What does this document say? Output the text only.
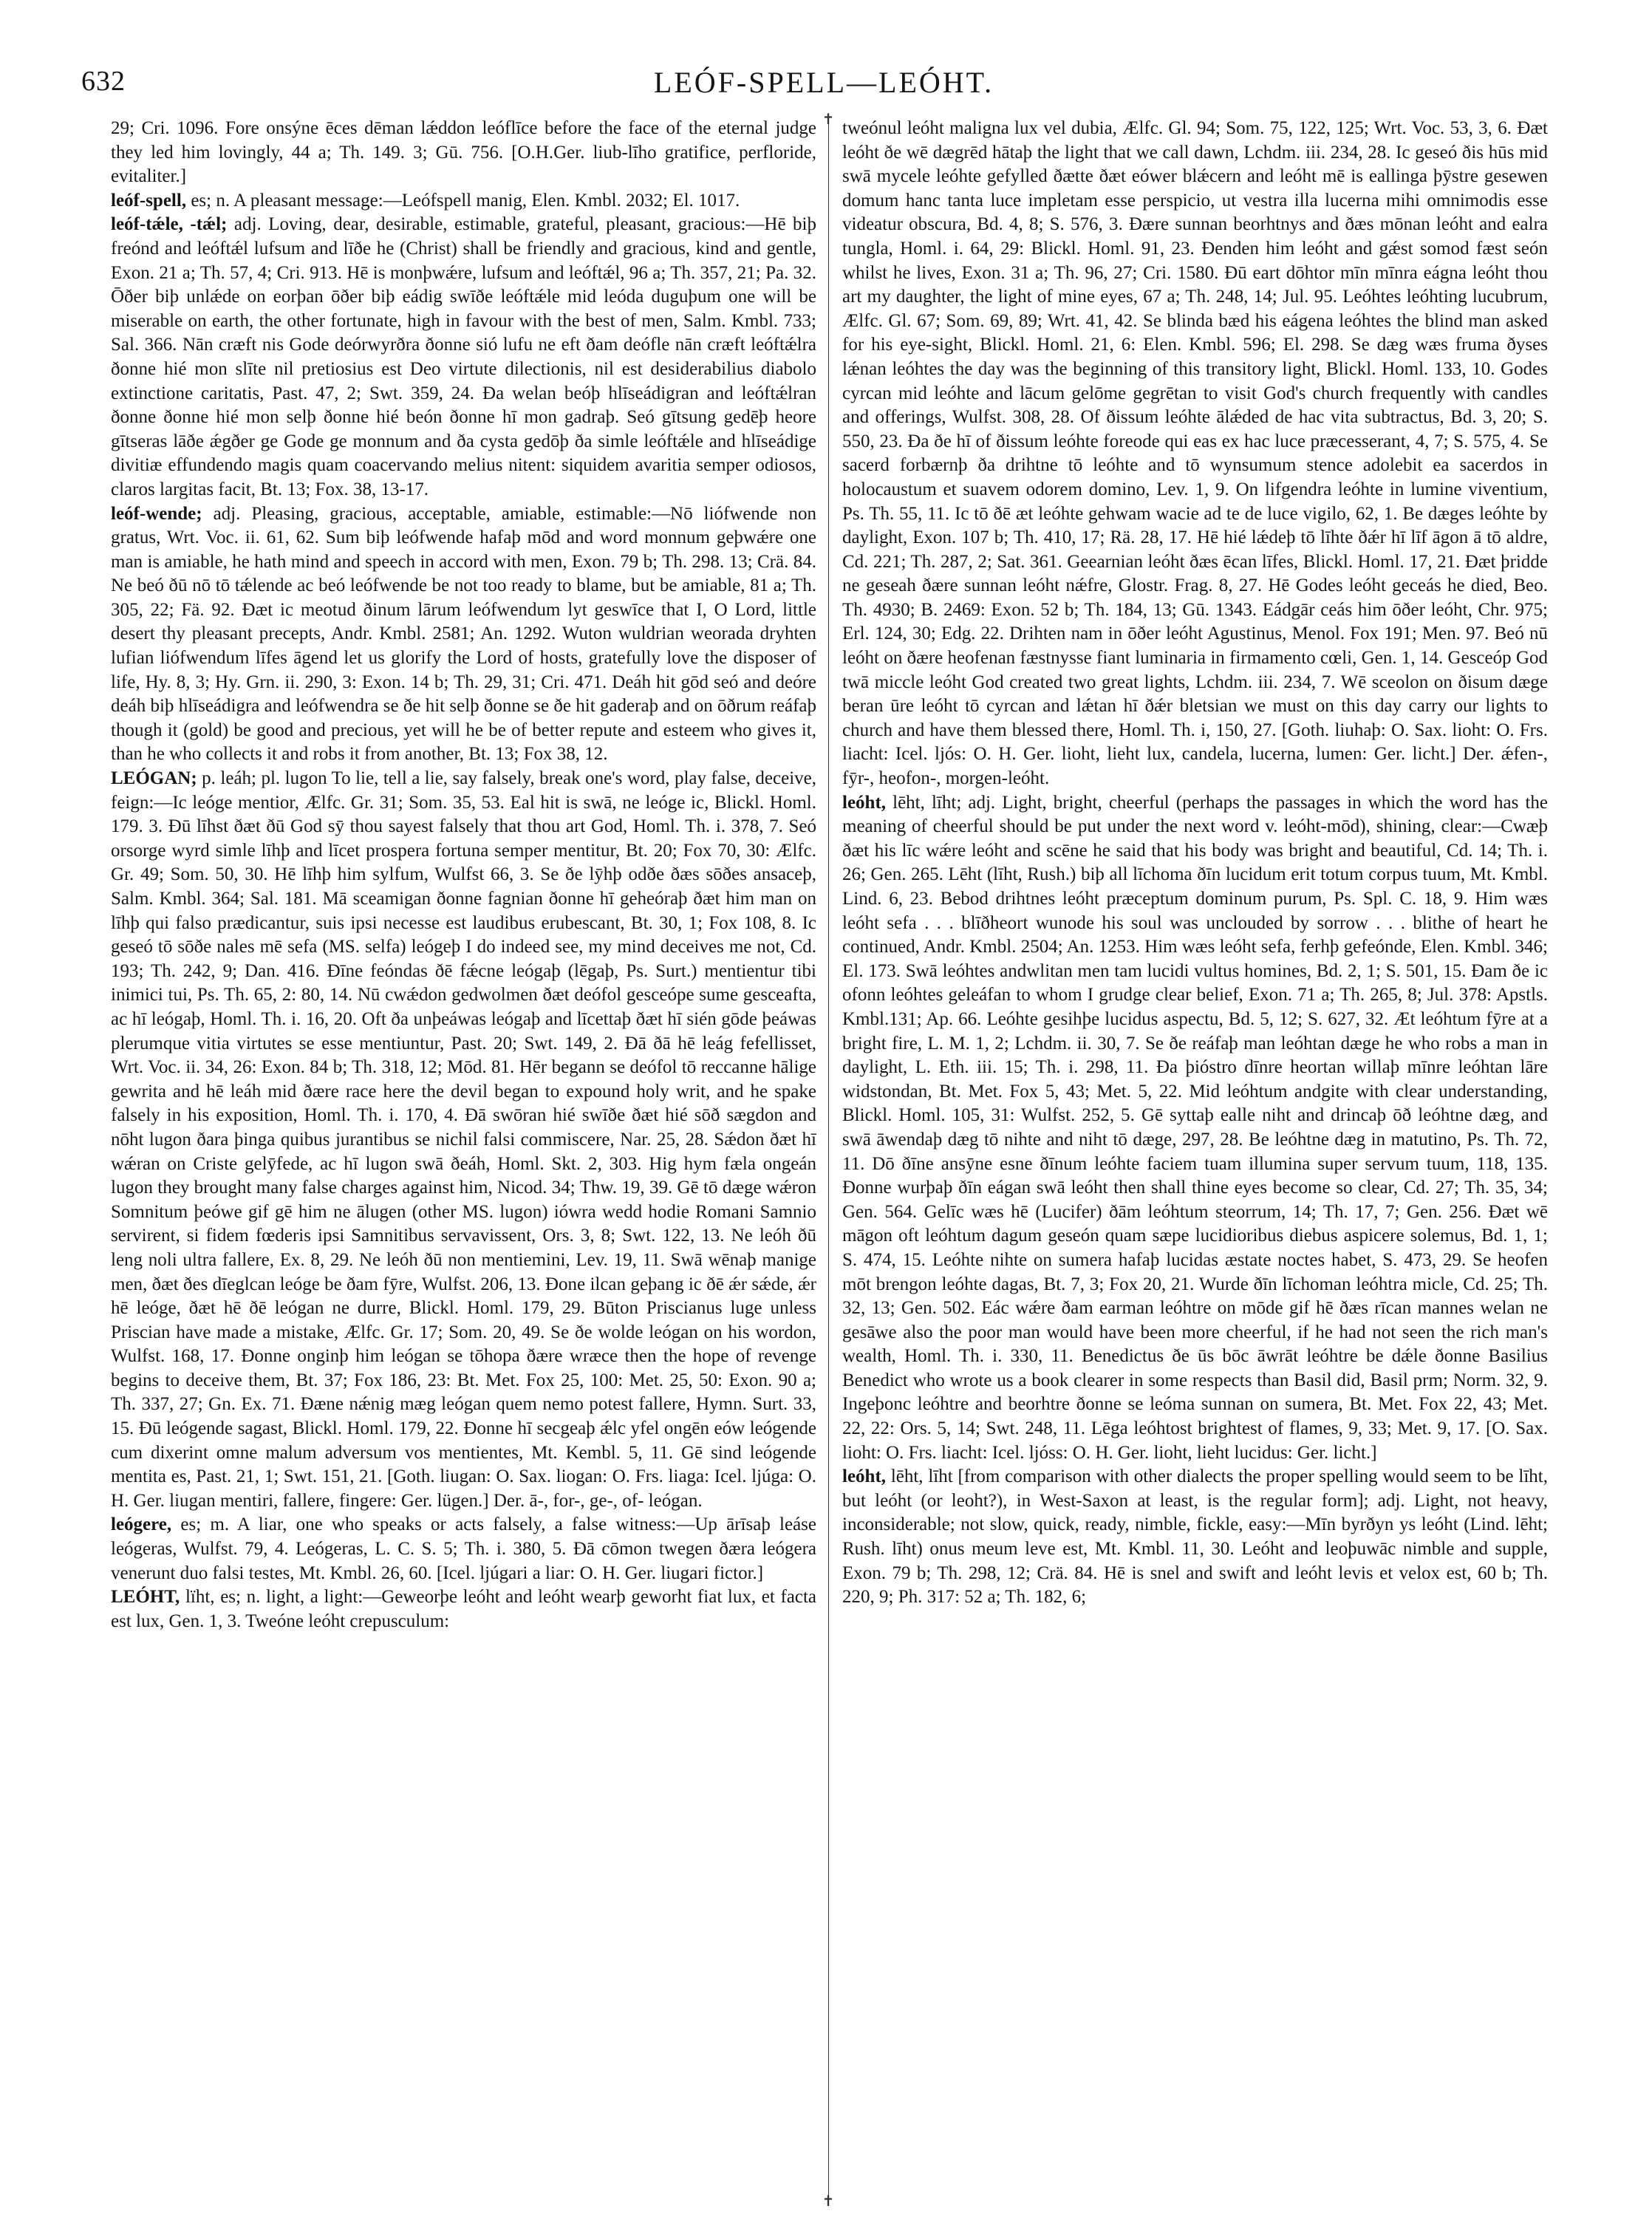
632	LEÓF-SPELL—LEÓHT.
✝
✝

29; Cri. 1096. Fore onsýne ēces dēman lǽddon leóflīce before the face of the eternal judge they led him lovingly, 44 a; Th. 149. 3; Gū. 756. [O.H.Ger. liub-līho gratifice, perfloride, evitaliter.]

leóf-spell, es; n. A pleasant message:—Leófspell manig, Elen. Kmbl. 2032; El. 1017.

leóf-tǽle, -tǽl; adj. Loving, dear, desirable, estimable, grateful, pleasant, gracious:—Hē biþ freónd and leóftǽl lufsum and līðe he (Christ) shall be friendly and gracious, kind and gentle, Exon. 21 a; Th. 57, 4; Cri. 913. Hē is monþwǽre, lufsum and leóftǽl, 96 a; Th. 357, 21; Pa. 32. Ōðer biþ unlǽde on eorþan ōðer biþ eádig swīðe leóftǽle mid leóda duguþum one will be miserable on earth, the other fortunate, high in favour with the best of men, Salm. Kmbl. 733; Sal. 366. Nān cræft nis Gode deórwyrðra ðonne sió lufu ne eft ðam deófle nān cræft leóftǽlra ðonne hié mon slīte nil pretiosius est Deo virtute dilectionis, nil est desiderabilius diabolo extinctione caritatis, Past. 47, 2; Swt. 359, 24. Ða welan beóþ hlīseádigran and leóftǽlran ðonne ðonne hié mon selþ ðonne hié beón ðonne hī mon gadraþ. Seó gītsung gedēþ heore gītseras lāðe ǽgðer ge Gode ge monnum and ða cysta gedōþ ða simle leóftǽle and hlīseádige divitiæ effundendo magis quam coacervando melius nitent: siquidem avaritia semper odiosos, claros largitas facit, Bt. 13; Fox. 38, 13-17.

leóf-wende; adj. Pleasing, gracious, acceptable, amiable, estimable:—Nō liófwende non gratus, Wrt. Voc. ii. 61, 62. Sum biþ leófwende hafaþ mōd and word monnum geþwǽre one man is amiable, he hath mind and speech in accord with men, Exon. 79 b; Th. 298. 13; Crä. 84. Ne beó ðū nō tō tǽlende ac beó leófwende be not too ready to blame, but be amiable, 81 a; Th. 305, 22; Fä. 92. Ðæt ic meotud ðinum lārum leófwendum lyt geswīce that I, O Lord, little desert thy pleasant precepts, Andr. Kmbl. 2581; An. 1292. Wuton wuldrian weorada dryhten lufian liófwendum līfes āgend let us glorify the Lord of hosts, gratefully love the disposer of life, Hy. 8, 3; Hy. Grn. ii. 290, 3: Exon. 14 b; Th. 29, 31; Cri. 471. Deáh hit gōd seó and deóre deáh biþ hlīseádigra and leófwendra se ðe hit selþ ðonne se ðe hit gaderaþ and on ōðrum reáfaþ though it (gold) be good and precious, yet will he be of better repute and esteem who gives it, than he who collects it and robs it from another, Bt. 13; Fox 38, 12.

LEÓGAN; p. leáh; pl. lugon To lie, tell a lie, say falsely, break one's word, play false, deceive, feign:—Ic leóge mentior, Ælfc. Gr. 31; Som. 35, 53. Eal hit is swā, ne leóge ic, Blickl. Homl. 179. 3. Ðū līhst ðæt ðū God sȳ thou sayest falsely that thou art God, Homl. Th. i. 378, 7. Seó orsorge wyrd simle līhþ and līcet prospera fortuna semper mentitur, Bt. 20; Fox 70, 30: Ælfc. Gr. 49; Som. 50, 30. Hē līhþ him sylfum, Wulfst 66, 3. Se ðe lȳhþ odðe ðæs sōðes ansaceþ, Salm. Kmbl. 364; Sal. 181. Mā sceamigan ðonne fagnian ðonne hī geheóraþ ðæt him man on līhþ qui falso prædicantur, suis ipsi necesse est laudibus erubescant, Bt. 30, 1; Fox 108, 8. Ic geseó tō sōðe nales mē sefa (MS. selfa) leógeþ I do indeed see, my mind deceives me not, Cd. 193; Th. 242, 9; Dan. 416. Ðīne feóndas ðē fǽcne leógaþ (lēgaþ, Ps. Surt.) mentientur tibi inimici tui, Ps. Th. 65, 2: 80, 14. Nū cwǽdon gedwolmen ðæt deófol gesceópe sume gesceafta, ac hī leógaþ, Homl. Th. i. 16, 20. Oft ða unþeáwas leógaþ and līcettaþ ðæt hī sién gōde þeáwas plerumque vitia virtutes se esse mentiuntur, Past. 20; Swt. 149, 2. Ðā ðā hē leág fefellisset, Wrt. Voc. ii. 34, 26: Exon. 84 b; Th. 318, 12; Mōd. 81. Hēr begann se deófol tō reccanne hālige gewrita and hē leáh mid ðære race here the devil began to expound holy writ, and he spake falsely in his exposition, Homl. Th. i. 170, 4. Ðā swōran hié swīðe ðæt hié sōð sægdon and nōht lugon ðara þinga quibus jurantibus se nichil falsi commiscere, Nar. 25, 28. Sǽdon ðæt hī wǽran on Criste gelȳfede, ac hī lugon swā ðeáh, Homl. Skt. 2, 303. Hig hym fæla ongeán lugon they brought many false charges against him, Nicod. 34; Thw. 19, 39. Gē tō dæge wǽron Somnitum þeówe gif gē him ne ālugen (other MS. lugon) iówra wedd hodie Romani Samnio servirent, si fidem fœderis ipsi Samnitibus servavissent, Ors. 3, 8; Swt. 122, 13. Ne leóh ðū leng noli ultra fallere, Ex. 8, 29. Ne leóh ðū non mentiemini, Lev. 19, 11. Swā wēnaþ manige men, ðæt ðes dīeglcan leóge be ðam fȳre, Wulfst. 206, 13. Ðone ilcan geþang ic ðē ǽr sǽde, ǽr hē leóge, ðæt hē ðē leógan ne durre, Blickl. Homl. 179, 29. Būton Priscianus luge unless Priscian have made a mistake, Ælfc. Gr. 17; Som. 20, 49. Se ðe wolde leógan on his wordon, Wulfst. 168, 17. Ðonne onginþ him leógan se tōhopa ðære wræce then the hope of revenge begins to deceive them, Bt. 37; Fox 186, 23: Bt. Met. Fox 25, 100: Met. 25, 50: Exon. 90 a; Th. 337, 27; Gn. Ex. 71. Ðæne nǽnig mæg leógan quem nemo potest fallere, Hymn. Surt. 33, 15. Ðū leógende sagast, Blickl. Homl. 179, 22. Ðonne hī secgeaþ ǽlc yfel ongēn eów leógende cum dixerint omne malum adversum vos mentientes, Mt. Kembl. 5, 11. Gē sind leógende mentita es, Past. 21, 1; Swt. 151, 21. [Goth. liugan: O. Sax. liogan: O. Frs. liaga: Icel. ljúga: O. H. Ger. liugan mentiri, fallere, fingere: Ger. lügen.] Der. ā-, for-, ge-, of- leógan.

leógere, es; m. A liar, one who speaks or acts falsely, a false witness:—Up ārīsaþ leáse leógeras, Wulfst. 79, 4. Leógeras, L. C. S. 5; Th. i. 380, 5. Ðā cōmon twegen ðæra leógera venerunt duo falsi testes, Mt. Kmbl. 26, 60. [Icel. ljúgari a liar: O. H. Ger. liugari fictor.]

LEÓHT, lïht, es; n. light, a light:—Geweorþe leóht and leóht wearþ geworht fiat lux, et facta est lux, Gen. 1, 3. Tweóne leóht crepusculum:

tweónul leóht maligna lux vel dubia, Ælfc. Gl. 94; Som. 75, 122, 125; Wrt. Voc. 53, 3, 6. Ðæt leóht ðe wē dægrēd hātaþ the light that we call dawn, Lchdm. iii. 234, 28. Ic geseó ðis hūs mid swā mycele leóhte gefylled ðætte ðæt eówer blǽcern and leóht mē is eallinga þȳstre gesewen domum hanc tanta luce impletam esse perspicio, ut vestra illa lucerna mihi omnimodis esse videatur obscura, Bd. 4, 8; S. 576, 3. Ðære sunnan beorhtnys and ðæs mōnan leóht and ealra tungla, Homl. i. 64, 29: Blickl. Homl. 91, 23. Ðenden him leóht and gǽst somod fæst seón whilst he lives, Exon. 31 a; Th. 96, 27; Cri. 1580. Ðū eart dōhtor mīn mīnra eágna leóht thou art my daughter, the light of mine eyes, 67 a; Th. 248, 14; Jul. 95. Leóhtes leóhting lucubrum, Ælfc. Gl. 67; Som. 69, 89; Wrt. 41, 42. Se blinda bæd his eágena leóhtes the blind man asked for his eye-sight, Blickl. Homl. 21, 6: Elen. Kmbl. 596; El. 298. Se dæg wæs fruma ðyses lǽnan leóhtes the day was the beginning of this transitory light, Blickl. Homl. 133, 10. Godes cyrcan mid leóhte and lācum gelōme gegrētan to visit God's church frequently with candles and offerings, Wulfst. 308, 28. Of ðissum leóhte ālǽded de hac vita subtractus, Bd. 3, 20; S. 550, 23. Ða ðe hī of ðissum leóhte foreode qui eas ex hac luce præcesserant, 4, 7; S. 575, 4. Se sacerd forbærnþ ða drihtne tō leóhte and tō wynsumum stence adolebit ea sacerdos in holocaustum et suavem odorem domino, Lev. 1, 9. On lifgendra leóhte in lumine viventium, Ps. Th. 55, 11. Ic tō ðē æt leóhte gehwam wacie ad te de luce vigilo, 62, 1. Be dæges leóhte by daylight, Exon. 107 b; Th. 410, 17; Rä. 28, 17. Hē hié lǽdeþ tō līhte ðǽr hī līf āgon ā tō aldre, Cd. 221; Th. 287, 2; Sat. 361. Geearnian leóht ðæs ēcan līfes, Blickl. Homl. 17, 21. Ðæt þridde ne geseah ðære sunnan leóht nǽfre, Glostr. Frag. 8, 27. Hē Godes leóht geceás he died, Beo. Th. 4930; B. 2469: Exon. 52 b; Th. 184, 13; Gū. 1343. Eádgār ceás him ōðer leóht, Chr. 975; Erl. 124, 30; Edg. 22. Drihten nam in ōðer leóht Agustinus, Menol. Fox 191; Men. 97. Beó nū leóht on ðære heofenan fæstnysse fiant luminaria in firmamento cœli, Gen. 1, 14. Gesceóp God twā miccle leóht God created two great lights, Lchdm. iii. 234, 7. Wē sceolon on ðisum dæge beran ūre leóht tō cyrcan and lǽtan hī ðǽr bletsian we must on this day carry our lights to church and have them blessed there, Homl. Th. i, 150, 27. [Goth. liuhaþ: O. Sax. lioht: O. Frs. liacht: Icel. ljós: O. H. Ger. lioht, lieht lux, candela, lucerna, lumen: Ger. licht.] Der. ǽfen-, fȳr-, heofon-, morgen-leóht.

leóht, lēht, līht; adj. Light, bright, cheerful (perhaps the passages in which the word has the meaning of cheerful should be put under the next word v. leóht-mōd), shining, clear:—Cwæþ ðæt his līc wǽre leóht and scēne he said that his body was bright and beautiful, Cd. 14; Th. i. 26; Gen. 265. Lēht (līht, Rush.) biþ all līchoma ðīn lucidum erit totum corpus tuum, Mt. Kmbl. Lind. 6, 23. Bebod drihtnes leóht præceptum dominum purum, Ps. Spl. C. 18, 9. Him wæs leóht sefa . . . blīðheort wunode his soul was unclouded by sorrow . . . blithe of heart he continued, Andr. Kmbl. 2504; An. 1253. Him wæs leóht sefa, ferhþ gefeónde, Elen. Kmbl. 346; El. 173. Swā leóhtes andwlitan men tam lucidi vultus homines, Bd. 2, 1; S. 501, 15. Ðam ðe ic ofonn leóhtes geleáfan to whom I grudge clear belief, Exon. 71 a; Th. 265, 8; Jul. 378: Apstls. Kmbl.131; Ap. 66. Leóhte gesihþe lucidus aspectu, Bd. 5, 12; S. 627, 32. Æt leóhtum fȳre at a bright fire, L. M. 1, 2; Lchdm. ii. 30, 7. Se ðe reáfaþ man leóhtan dæge he who robs a man in daylight, L. Eth. iii. 15; Th. i. 298, 11. Ða þióstro dīnre heortan willaþ mīnre leóhtan lāre widstondan, Bt. Met. Fox 5, 43; Met. 5, 22. Mid leóhtum andgite with clear understanding, Blickl. Homl. 105, 31: Wulfst. 252, 5. Gē syttaþ ealle niht and drincaþ ōð leóhtne dæg, and swā āwendaþ dæg tō nihte and niht tō dæge, 297, 28. Be leóhtne dæg in matutino, Ps. Th. 72, 11. Dō ðīne ansȳne esne ðīnum leóhte faciem tuam illumina super servum tuum, 118, 135. Ðonne wurþaþ ðīn eágan swā leóht then shall thine eyes become so clear, Cd. 27; Th. 35, 34; Gen. 564. Gelīc wæs hē (Lucifer) ðām leóhtum steorrum, 14; Th. 17, 7; Gen. 256. Ðæt wē māgon oft leóhtum dagum geseón quam sæpe lucidioribus diebus aspicere solemus, Bd. 1, 1; S. 474, 15. Leóhte nihte on sumera hafaþ lucidas æstate noctes habet, S. 473, 29. Se heofen mōt brengon leóhte dagas, Bt. 7, 3; Fox 20, 21. Wurde ðīn līchoman leóhtra micle, Cd. 25; Th. 32, 13; Gen. 502. Eác wǽre ðam earman leóhtre on mōde gif hē ðæs rīcan mannes welan ne gesāwe also the poor man would have been more cheerful, if he had not seen the rich man's wealth, Homl. Th. i. 330, 11. Benedictus ðe ūs bōc āwrāt leóhtre be dǽle ðonne Basilius Benedict who wrote us a book clearer in some respects than Basil did, Basil prm; Norm. 32, 9. Ingeþonc leóhtre and beorhtre ðonne se leóma sunnan on sumera, Bt. Met. Fox 22, 43; Met. 22, 22: Ors. 5, 14; Swt. 248, 11. Lēga leóhtost brightest of flames, 9, 33; Met. 9, 17. [O. Sax. lioht: O. Frs. liacht: Icel. ljóss: O. H. Ger. lioht, lieht lucidus: Ger. licht.]

leóht, lēht, līht [from comparison with other dialects the proper spelling would seem to be līht, but leóht (or leoht?), in West-Saxon at least, is the regular form]; adj. Light, not heavy, inconsiderable; not slow, quick, ready, nimble, fickle, easy:—Mīn byrðyn ys leóht (Lind. lēht; Rush. līht) onus meum leve est, Mt. Kmbl. 11, 30. Leóht and leoþuwāc nimble and supple, Exon. 79 b; Th. 298, 12; Crä. 84. Hē is snel and swift and leóht levis et velox est, 60 b; Th. 220, 9; Ph. 317: 52 a; Th. 182, 6;
